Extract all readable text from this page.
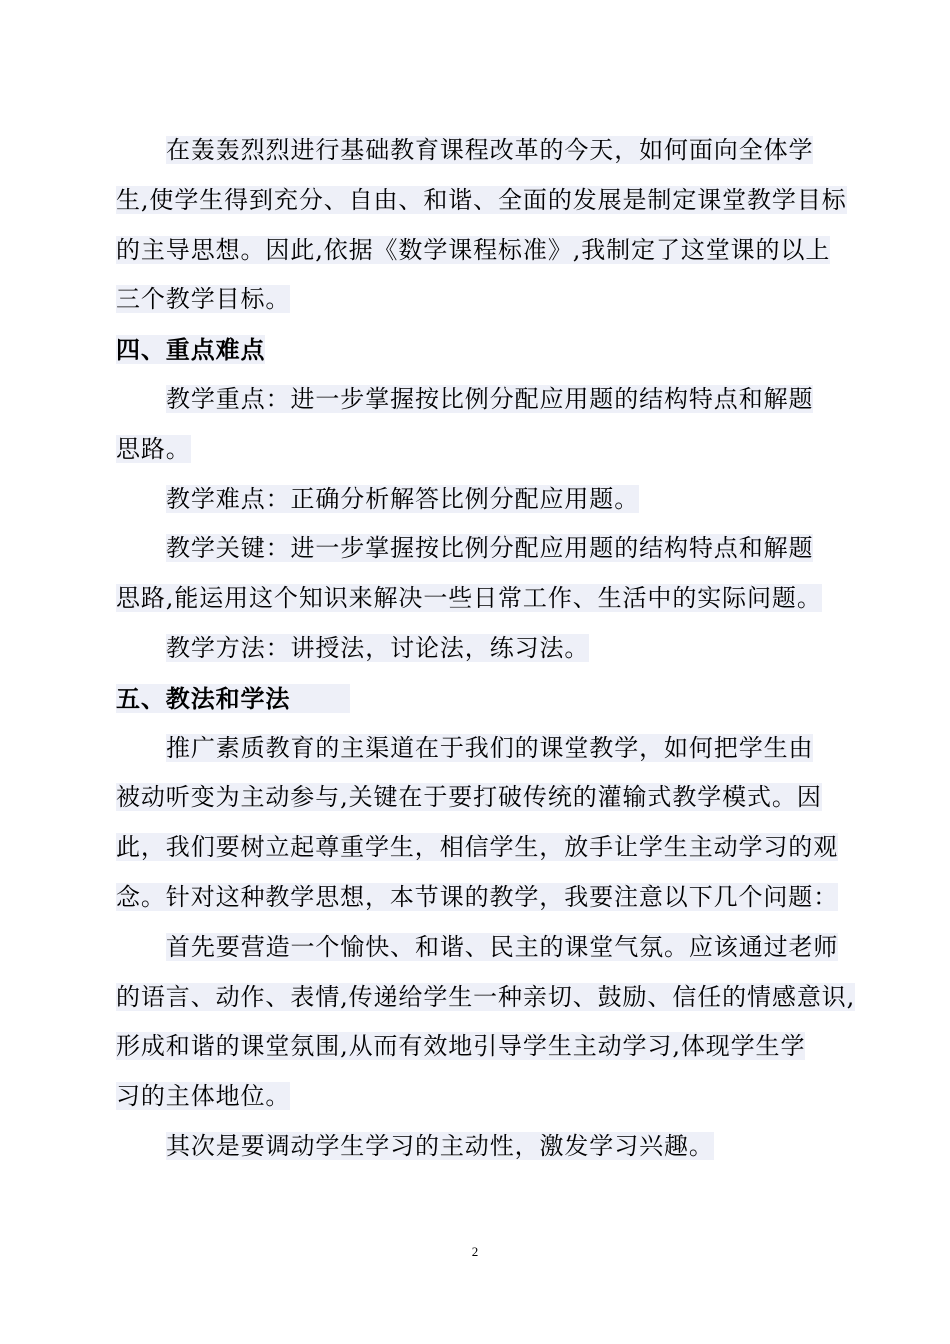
在轰轰烈烈进行基础教育课程改革的今天，如何面向全体学
生,使学生得到充分、自由、和谐、全面的发展是制定课堂教学目标
的主导思想。因此,依据《数学课程标准》,我制定了这堂课的以上
三个教学目标。
四、重点难点
教学重点：进一步掌握按比例分配应用题的结构特点和解题
思路。
教学难点：正确分析解答比例分配应用题。
教学关键：进一步掌握按比例分配应用题的结构特点和解题
思路,能运用这个知识来解决一些日常工作、生活中的实际问题。
教学方法：讲授法，讨论法，练习法。
五、教法和学法
推广素质教育的主渠道在于我们的课堂教学，如何把学生由
被动听变为主动参与,关键在于要打破传统的灌输式教学模式。因
此，我们要树立起尊重学生，相信学生，放手让学生主动学习的观
念。针对这种教学思想，本节课的教学，我要注意以下几个问题：
首先要营造一个愉快、和谐、民主的课堂气氛。应该通过老师
的语言、动作、表情,传递给学生一种亲切、鼓励、信任的情感意识,
形成和谐的课堂氛围,从而有效地引导学生主动学习,体现学生学
习的主体地位。
其次是要调动学生学习的主动性，激发学习兴趣。
2
